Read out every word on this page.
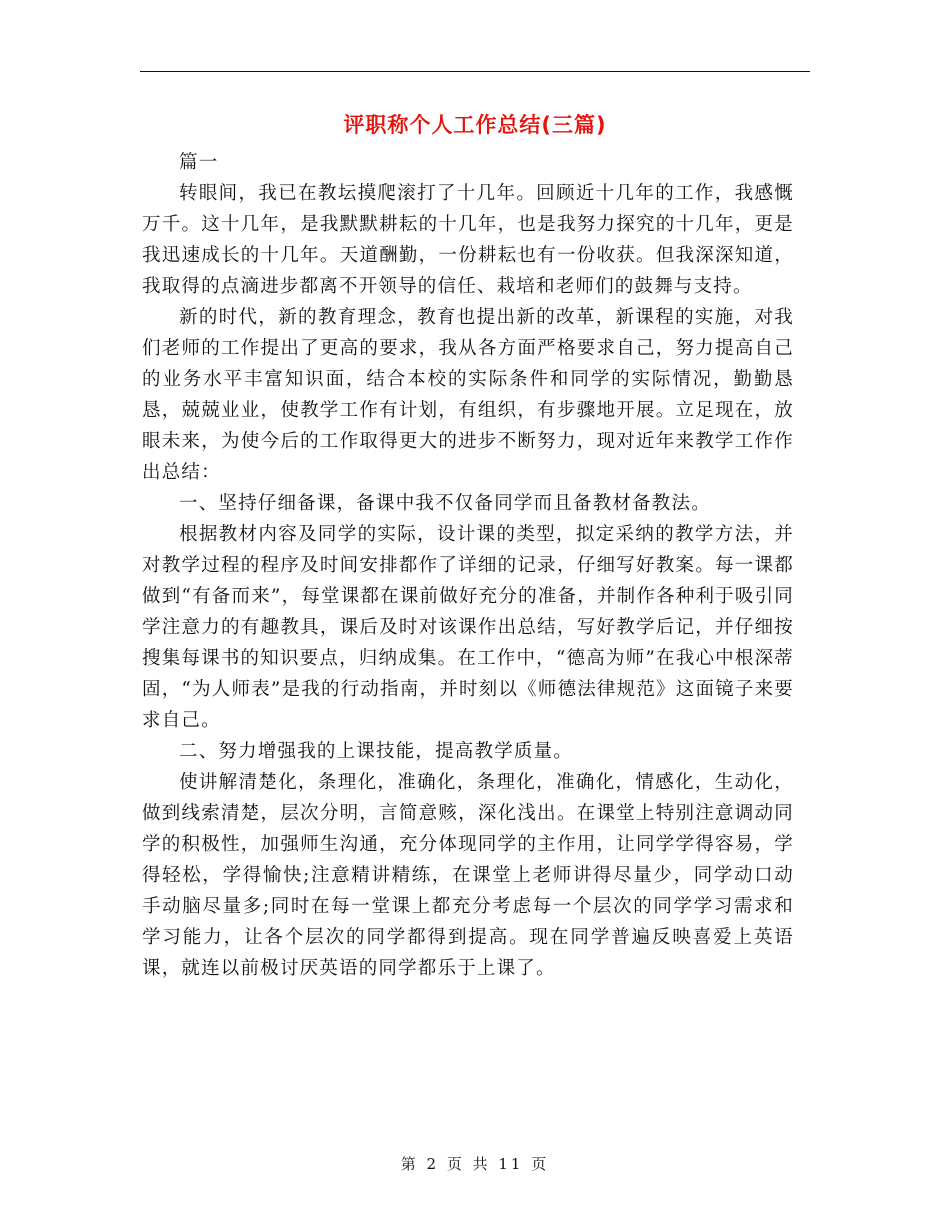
评职称个人工作总结(三篇)

篇一

转眼间，我已在教坛摸爬滚打了十几年。回顾近十几年的工作，我感慨万千。这十几年，是我默默耕耘的十几年，也是我努力探究的十几年，更是我迅速成长的十几年。天道酬勤，一份耕耘也有一份收获。但我深深知道，我取得的点滴进步都离不开领导的信任、栽培和老师们的鼓舞与支持。

新的时代，新的教育理念，教育也提出新的改革，新课程的实施，对我们老师的工作提出了更高的要求，我从各方面严格要求自己，努力提高自己的业务水平丰富知识面，结合本校的实际条件和同学的实际情况，勤勤恳恳，兢兢业业，使教学工作有计划，有组织，有步骤地开展。立足现在，放眼未来，为使今后的工作取得更大的进步不断努力，现对近年来教学工作作出总结：

一、坚持仔细备课，备课中我不仅备同学而且备教材备教法。

根据教材内容及同学的实际，设计课的类型，拟定采纳的教学方法，并对教学过程的程序及时间安排都作了详细的记录，仔细写好教案。每一课都做到“有备而来”，每堂课都在课前做好充分的准备，并制作各种利于吸引同学注意力的有趣教具，课后及时对该课作出总结，写好教学后记，并仔细按搜集每课书的知识要点，归纳成集。在工作中，“德高为师”在我心中根深蒂固，“为人师表”是我的行动指南，并时刻以《师德法律规范》这面镜子来要求自己。

二、努力增强我的上课技能，提高教学质量。

使讲解清楚化，条理化，准确化，条理化，准确化，情感化，生动化，做到线索清楚，层次分明，言简意赅，深化浅出。在课堂上特别注意调动同学的积极性，加强师生沟通，充分体现同学的主作用，让同学学得容易，学得轻松，学得愉快;注意精讲精练，在课堂上老师讲得尽量少，同学动口动手动脑尽量多;同时在每一堂课上都充分考虑每一个层次的同学学习需求和学习能力，让各个层次的同学都得到提高。现在同学普遍反映喜爱上英语课，就连以前极讨厌英语的同学都乐于上课了。

第 2 页 共 11 页
